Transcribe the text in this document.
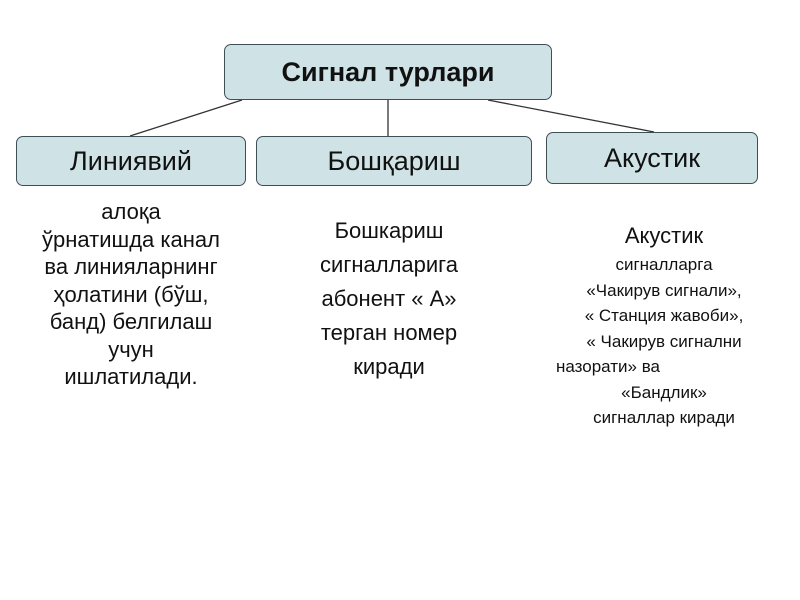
Сигнал турлари
Линиявий	Бошқариш	Акустик
алоқа
ўрнатишда канал
ва линияларнинг
ҳолатини (бўш,
банд) белгилаш
учун
ишлатилади.
Бошкариш
сигналларига
абонент « А»
терган номер
киради
Акустик
сигналларга
«Чакирув сигнали»,
« Станция жавоби»,
« Чакирув сигнални
назорати» ва
«Бандлик»
сигналлар киради
